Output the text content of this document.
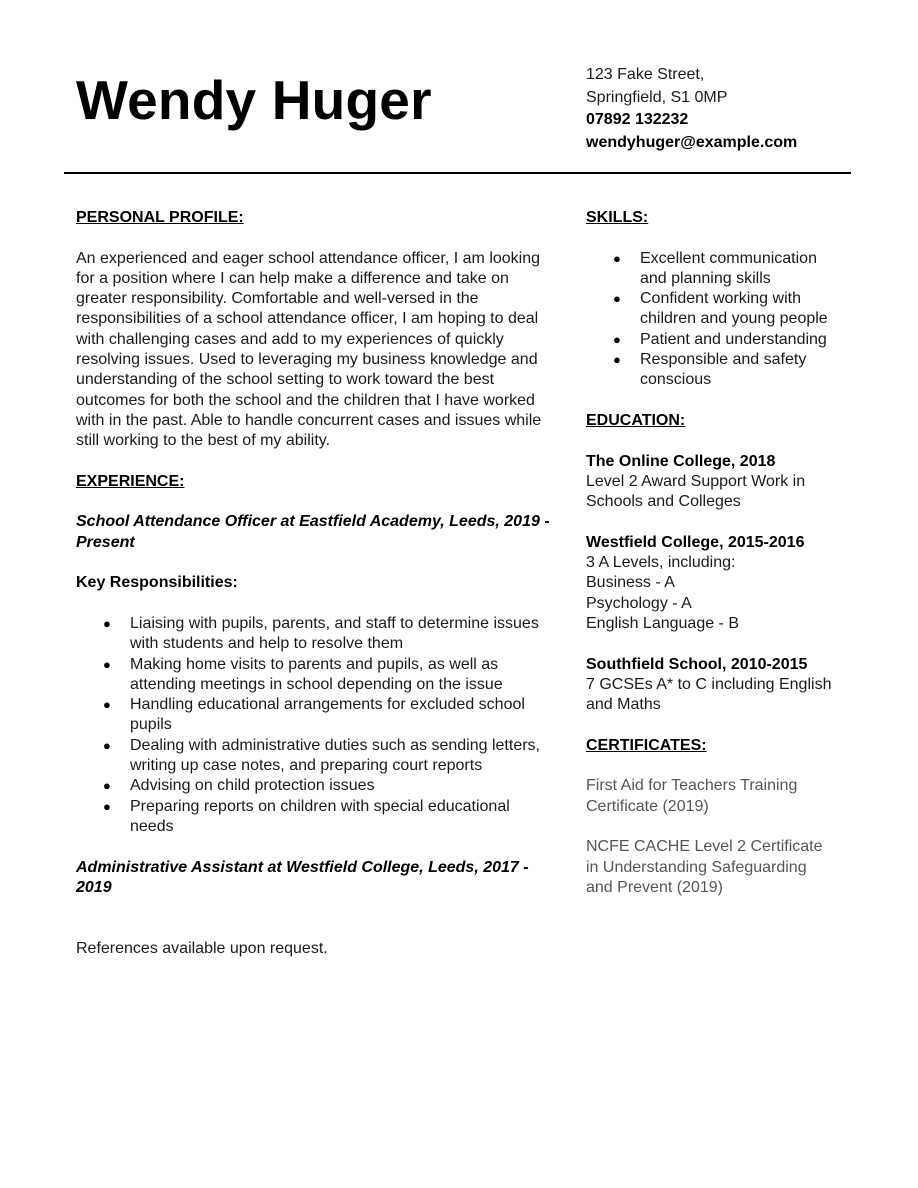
Wendy Huger	123 Fake Street,
Springfield, S1 0MP
07892 132232
wendyhuger@example.com
PERSONAL PROFILE:

An experienced and eager school attendance officer, I am looking for a position where I can help make a difference and take on greater responsibility. Comfortable and well-versed in the responsibilities of a school attendance officer, I am hoping to deal with challenging cases and add to my experiences of quickly resolving issues. Used to leveraging my business knowledge and understanding of the school setting to work toward the best outcomes for both the school and the children that I have worked with in the past. Able to handle concurrent cases and issues while still working to the best of my ability.

EXPERIENCE:
School Attendance Officer at Eastfield Academy, Leeds, 2019 - Present
Key Responsibilities:
● Liaising with pupils, parents, and staff to determine issues with students and help to resolve them
● Making home visits to parents and pupils, as well as attending meetings in school depending on the issue
● Handling educational arrangements for excluded school pupils
● Dealing with administrative duties such as sending letters, writing up case notes, and preparing court reports
● Advising on child protection issues
● Preparing reports on children with special educational needs
Administrative Assistant at Westfield College, Leeds, 2017 - 2019

References available upon request.

SKILLS:
● Excellent communication and planning skills
● Confident working with children and young people
● Patient and understanding
● Responsible and safety conscious
EDUCATION:
The Online College, 2018
Level 2 Award Support Work in Schools and Colleges
Westfield College, 2015-2016
3 A Levels, including:
Business - A
Psychology - A
English Language - B
Southfield School, 2010-2015
7 GCSEs A* to C including English and Maths
CERTIFICATES:
First Aid for Teachers Training Certificate (2019)
NCFE CACHE Level 2 Certificate in Understanding Safeguarding and Prevent (2019)
